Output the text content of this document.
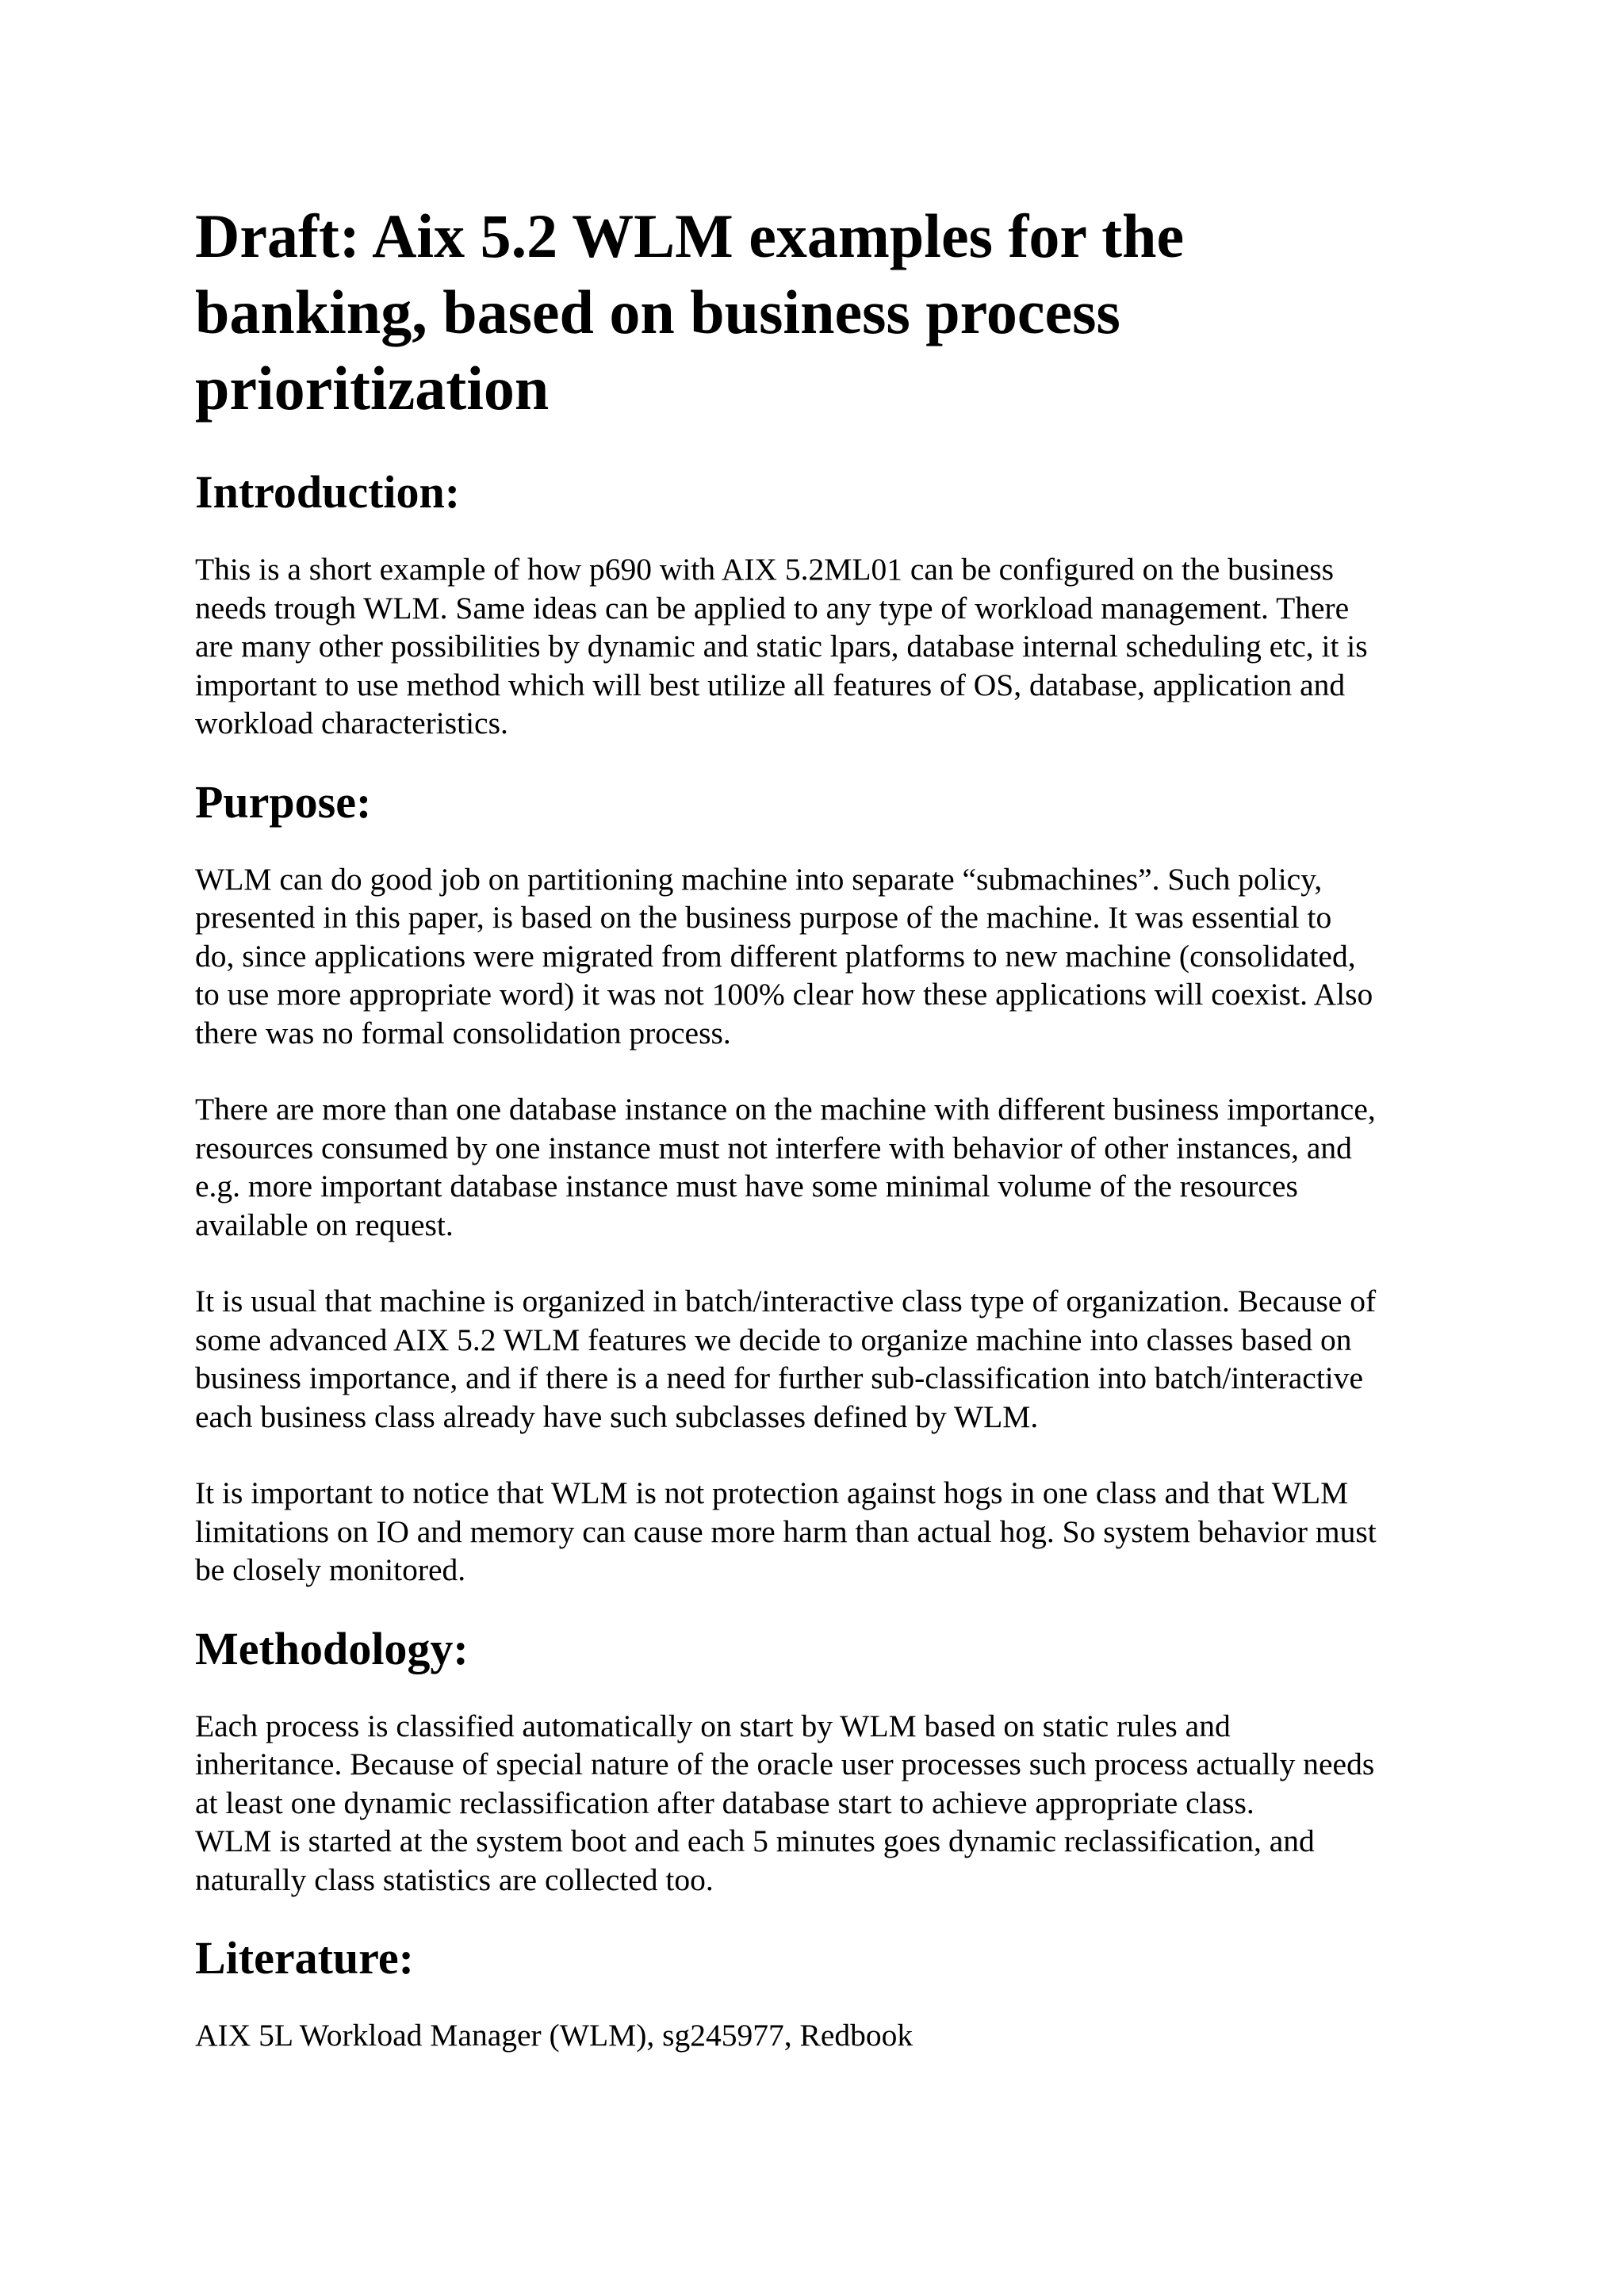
Draft: Aix 5.2 WLM examples for the
banking, based on business process
prioritization
Introduction:

This is a short example of how p690 with AIX 5.2ML01 can be configured on the business
needs trough WLM. Same ideas can be applied to any type of workload management. There
are many other possibilities by dynamic and static lpars, database internal scheduling etc, it is
important to use method which will best utilize all features of OS, database, application and
workload characteristics.

Purpose:

WLM can do good job on partitioning machine into separate “submachines”. Such policy,
presented in this paper, is based on the business purpose of the machine. It was essential to
do, since applications were migrated from different platforms to new machine (consolidated,
to use more appropriate word) it was not 100% clear how these applications will coexist. Also
there was no formal consolidation process.

There are more than one database instance on the machine with different business importance,
resources consumed by one instance must not interfere with behavior of other instances, and
e.g. more important database instance must have some minimal volume of the resources
available on request.

It is usual that machine is organized in batch/interactive class type of organization. Because of
some advanced AIX 5.2 WLM features we decide to organize machine into classes based on
business importance, and if there is a need for further sub-classification into batch/interactive
each business class already have such subclasses defined by WLM.

It is important to notice that WLM is not protection against hogs in one class and that WLM
limitations on IO and memory can cause more harm than actual hog. So system behavior must
be closely monitored.

Methodology:

Each process is classified automatically on start by WLM based on static rules and
inheritance. Because of special nature of the oracle user processes such process actually needs
at least one dynamic reclassification after database start to achieve appropriate class.
WLM is started at the system boot and each 5 minutes goes dynamic reclassification, and
naturally class statistics are collected too.

Literature:

AIX 5L Workload Manager (WLM), sg245977, Redbook
